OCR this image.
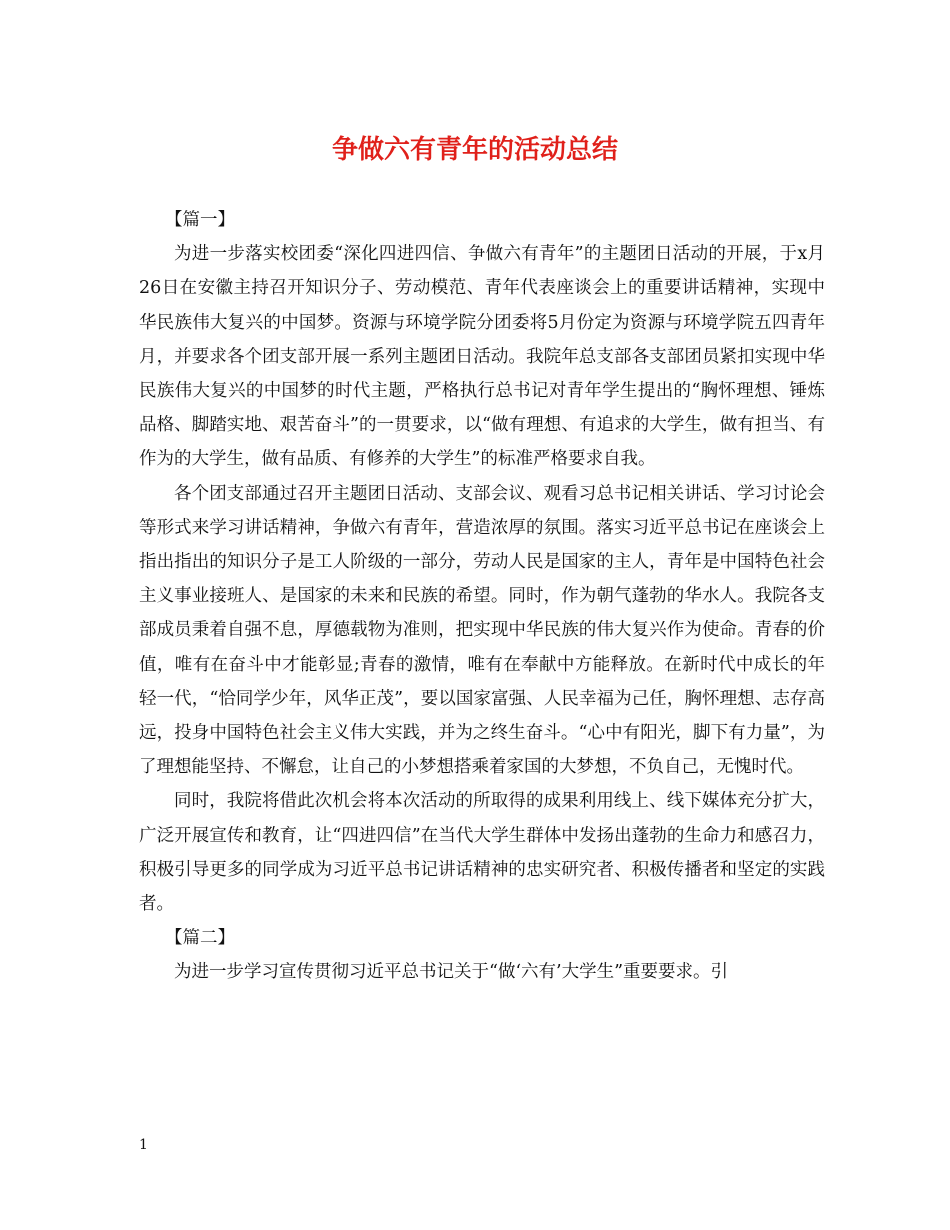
争做六有青年的活动总结

【篇一】

为进一步落实校团委“深化四进四信、争做六有青年”的主题团日活动的开展，于x月26日在安徽主持召开知识分子、劳动模范、青年代表座谈会上的重要讲话精神，实现中华民族伟大复兴的中国梦。资源与环境学院分团委将5月份定为资源与环境学院五四青年月，并要求各个团支部开展一系列主题团日活动。我院年总支部各支部团员紧扣实现中华民族伟大复兴的中国梦的时代主题，严格执行总书记对青年学生提出的“胸怀理想、锤炼品格、脚踏实地、艰苦奋斗”的一贯要求，以“做有理想、有追求的大学生，做有担当、有作为的大学生，做有品质、有修养的大学生”的标准严格要求自我。

各个团支部通过召开主题团日活动、支部会议、观看习总书记相关讲话、学习讨论会等形式来学习讲话精神，争做六有青年，营造浓厚的氛围。落实习近平总书记在座谈会上指出指出的知识分子是工人阶级的一部分，劳动人民是国家的主人，青年是中国特色社会主义事业接班人、是国家的未来和民族的希望。同时，作为朝气蓬勃的华水人。我院各支部成员秉着自强不息，厚德载物为准则，把实现中华民族的伟大复兴作为使命。青春的价值，唯有在奋斗中才能彰显;青春的激情，唯有在奉献中方能释放。在新时代中成长的年轻一代，“恰同学少年，风华正茂”，要以国家富强、人民幸福为己任，胸怀理想、志存高远，投身中国特色社会主义伟大实践，并为之终生奋斗。“心中有阳光，脚下有力量”，为了理想能坚持、不懈怠，让自己的小梦想搭乘着家国的大梦想，不负自己，无愧时代。

同时，我院将借此次机会将本次活动的所取得的成果利用线上、线下媒体充分扩大，广泛开展宣传和教育，让“四进四信”在当代大学生群体中发扬出蓬勃的生命力和感召力，积极引导更多的同学成为习近平总书记讲话精神的忠实研究者、积极传播者和坚定的实践者。

【篇二】

为进一步学习宣传贯彻习近平总书记关于“做‘六有’大学生”重要要求。引

1
